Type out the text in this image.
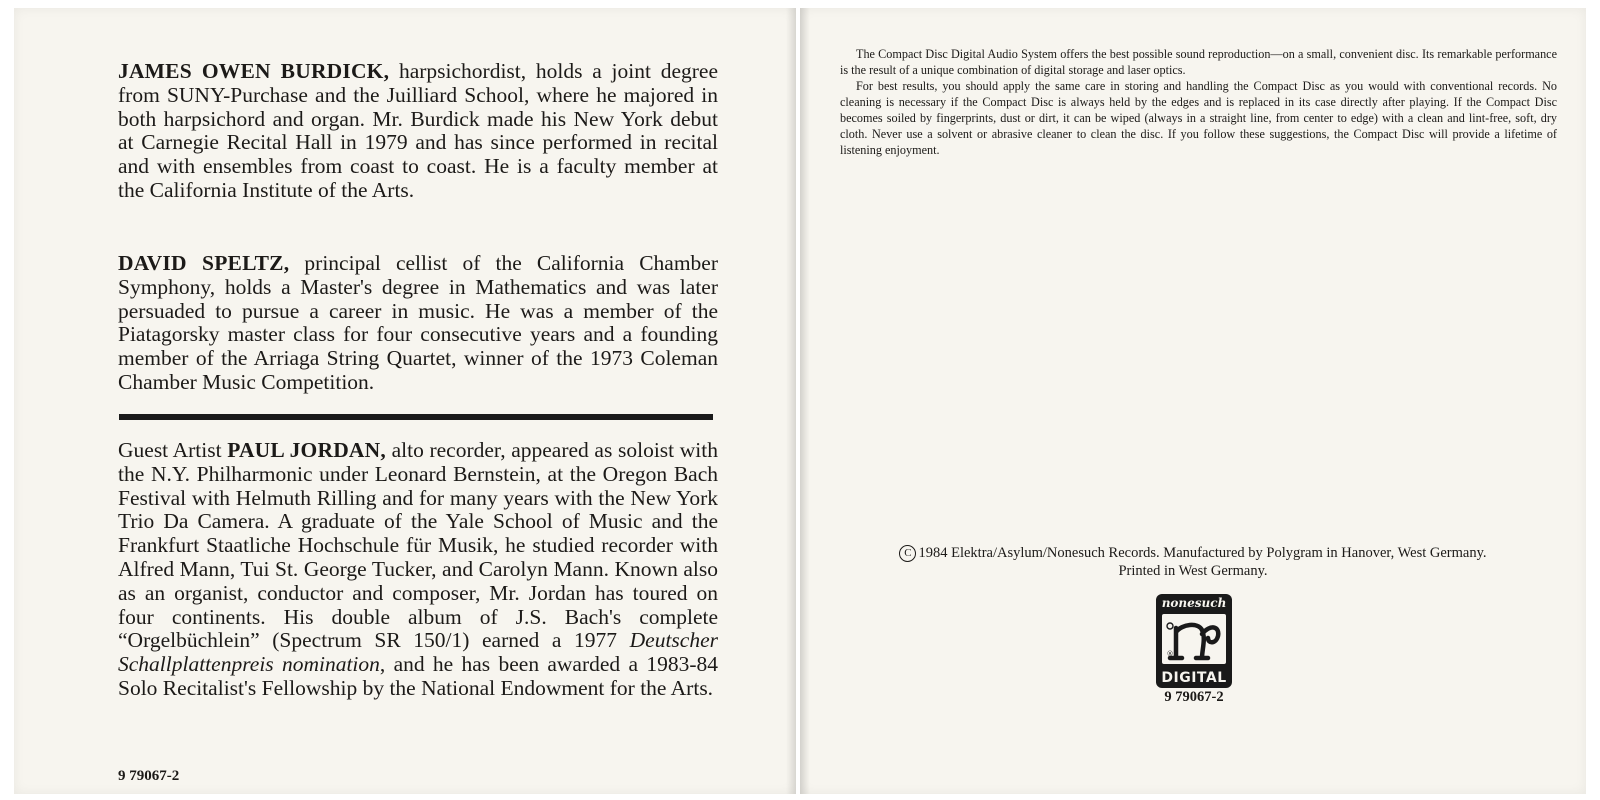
JAMES OWEN BURDICK, harpsichordist, holds a joint degree from SUNY-Purchase and the Juilliard School, where he majored in both harpsichord and organ. Mr. Burdick made his New York debut at Carnegie Recital Hall in 1979 and has since performed in recital and with ensembles from coast to coast. He is a faculty member at the California Institute of the Arts.
DAVID SPELTZ, principal cellist of the California Chamber Symphony, holds a Master's degree in Mathematics and was later persuaded to pursue a career in music. He was a member of the Piatagorsky master class for four consecutive years and a founding member of the Arriaga String Quartet, winner of the 1973 Coleman Chamber Music Competition.
Guest Artist PAUL JORDAN, alto recorder, appeared as soloist with the N.Y. Philharmonic under Leonard Bernstein, at the Oregon Bach Festival with Helmuth Rilling and for many years with the New York Trio Da Camera. A graduate of the Yale School of Music and the Frankfurt Staatliche Hochschule für Musik, he studied recorder with Alfred Mann, Tui St. George Tucker, and Carolyn Mann. Known also as an organist, conductor and composer, Mr. Jordan has toured on four continents. His double album of J.S. Bach's complete “Orgelbüchlein” (Spectrum SR 150/1) earned a 1977 Deutscher Schallplattenpreis nomination, and he has been awarded a 1983-84 Solo Recitalist's Fellowship by the National Endowment for the Arts.
9 79067-2

The Compact Disc Digital Audio System offers the best possible sound reproduction—on a small, convenient disc. Its remarkable performance is the result of a unique combination of digital storage and laser optics.

For best results, you should apply the same care in storing and handling the Compact Disc as you would with conventional records. No cleaning is necessary if the Compact Disc is always held by the edges and is replaced in its case directly after playing. If the Compact Disc becomes soiled by fingerprints, dust or dirt, it can be wiped (always in a straight line, from center to edge) with a clean and lint-free, soft, dry cloth. Never use a solvent or abrasive cleaner to clean the disc. If you follow these suggestions, the Compact Disc will provide a lifetime of listening enjoyment.

C 1984 Elektra/Asylum/Nonesuch Records. Manufactured by Polygram in Hanover, West Germany.
Printed in West Germany.
nonesuch
®
DIGITAL
9 79067-2
